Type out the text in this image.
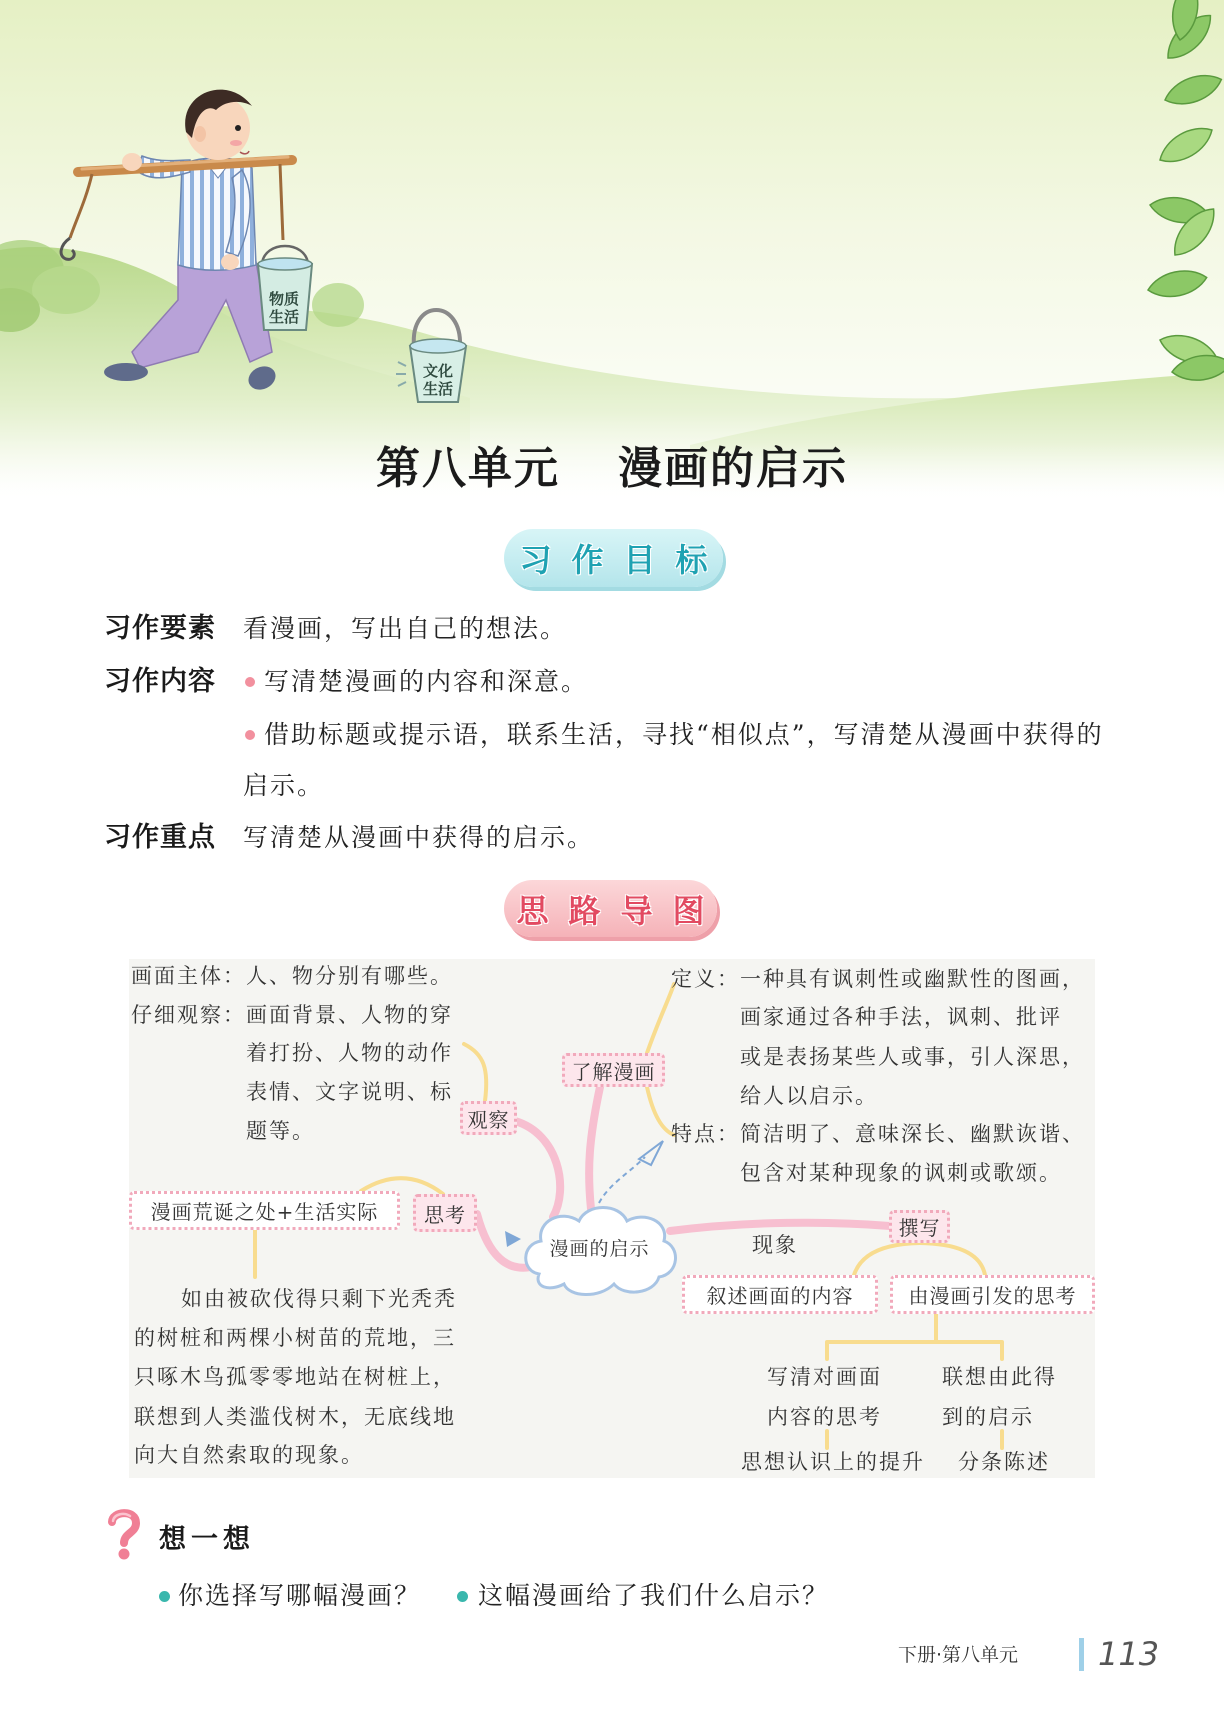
物质
生活
文化
生活
第八单元 漫画的启示
习作目标
习作要素 看漫画，写出自己的想法。
习作内容 写清楚漫画的内容和深意。
借助标题或提示语，联系生活，寻找“相似点”，写清楚从漫画中获得的
启示。
习作重点 写清楚从漫画中获得的启示。
思路导图
画面主体： 人、物分别有哪些。
仔细观察： 画面背景、人物的穿
着打扮、人物的动作
表情、文字说明、标
题等。	观察
了解漫画
定义： 一种具有讽刺性或幽默性的图画，
画家通过各种手法，讽刺、批评
或是表扬某些人或事，引人深思，
给人以启示。
特点： 简洁明了、意味深长、幽默诙谐、
包含对某种现象的讽刺或歌颂。
漫画荒诞之处+生活实际	思考
如由被砍伐得只剩下光秃秃
的树桩和两棵小树苗的荒地，三
只啄木鸟孤零零地站在树桩上，
联想到人类滥伐树木，无底线地
向大自然索取的现象。
漫画的启示
撰写
现象
叙述画面的内容	由漫画引发的思考
写清对画面
内容的思考
联想由此得
到的启示
思想认识上的提升 分条陈述
想一想
你选择写哪幅漫画？ 这幅漫画给了我们什么启示？
下册·第八单元 113
